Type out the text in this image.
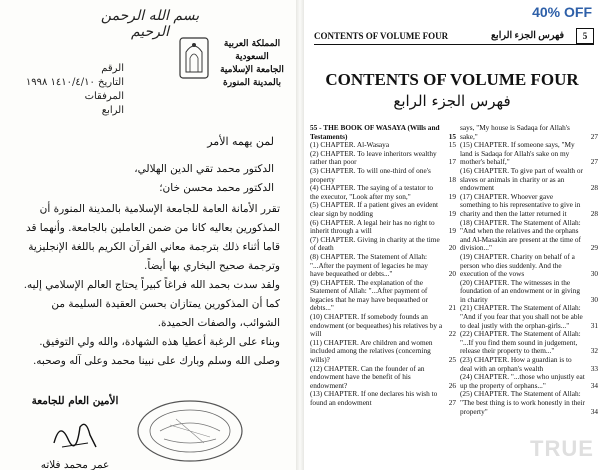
بسم الله الرحمن الرحيم
الرقم
التاريخ ١٤١٠/٤/١٠ ١٩٩٨
المرفقات
الرابع
المملكة العربية السعودية
الجامعة الإسلامية
بالمدينة المنورة
لمن يهمه الأمر
الدكتور محمد تقي الدين الهلالي،
الدكتور محمد محسن خان؛
تقرر الأمانة العامة للجامعة الإسلامية بالمدينة المنورة أن المذكورين بعاليه كانا من ضمن العاملين بالجامعة. وأنهما قد قاما أثناء ذلك بترجمة معاني القرآن الكريم باللغة الإنجليزية وترجمة صحيح البخاري بها أيضاً.
ولقد سدت بحمد الله فراغاً كبيراً يحتاج العالم الإسلامي إليه. كما أن المذكورين يمتازان بحسن العقيدة السليمة من الشوائب، والصفات الحميدة.
وبناء على الرغبة أعطيا هذه الشهادة، والله ولي التوفيق.
وصلى الله وسلم وبارك على نبينا محمد وعلى آله وصحبه.
الأمين العام للجامعة
عمر محمد فلاته
CONTENTS OF VOLUME FOUR	فهرس الجزء الرابع	5
CONTENTS OF VOLUME FOUR
فهرس الجزء الرابع
55 - THE BOOK OF WASAYA (Wills and Testaments)	15
(1) CHAPTER. Al-Wasaya	15
(2) CHAPTER. To leave inheritors wealthy rather than poor	17
(3) CHAPTER. To will one-third of one's property	18
(4) CHAPTER. The saying of a testator to the executor, "Look after my son,"	19
(5) CHAPTER. If a patient gives an evident clear sign by nodding	19
(6) CHAPTER. A legal heir has no right to inherit through a will	19
(7) CHAPTER. Giving in charity at the time of death	20
(8) CHAPTER. The Statement of Allah: "...After the payment of legacies he may have bequeathed or debts..."	20
(9) CHAPTER. The explanation of the Statement of Allah: "...After payment of legacies that he may have bequeathed or debts..."	21
(10) CHAPTER. If somebody founds an endowment (or bequeathes) his relatives by a will	22
(11) CHAPTER. Are children and women included among the relatives (concerning wills)?	25
(12) CHAPTER. Can the founder of an endowment have the benefit of his endowment?	26
(13) CHAPTER. If one declares his wish to found an endowment	27
says, "My house is Sadaqa for Allah's sake,"	27
(15) CHAPTER. If someone says, "My land is Sadaqa for Allah's sake on my mother's behalf,"	27
(16) CHAPTER. To give part of wealth or slaves or animals in charity or as an endowment	28
(17) CHAPTER. Whoever gave something to his representative to give in charity and then the latter returned it	28
(18) CHAPTER. The Statement of Allah: "And when the relatives and the orphans and Al-Masakin are present at the time of division..."	29
(19) CHAPTER. Charity on behalf of a person who dies suddenly. And the execution of the vows	30
(20) CHAPTER. The witnesses in the foundation of an endowment or in giving in charity	30
(21) CHAPTER. The Statement of Allah: "And if you fear that you shall not be able to deal justly with the orphan-girls..."	31
(22) CHAPTER. The Statement of Allah: "...If you find them sound in judgement, release their property to them..."	32
(23) CHAPTER. How a guardian is to deal with an orphan's wealth	33
(24) CHAPTER. "...those who unjustly eat up the property of orphans..."	34
(25) CHAPTER. The Statement of Allah: "The best thing is to work honestly in their property"	34
TRUE
40% OFF
